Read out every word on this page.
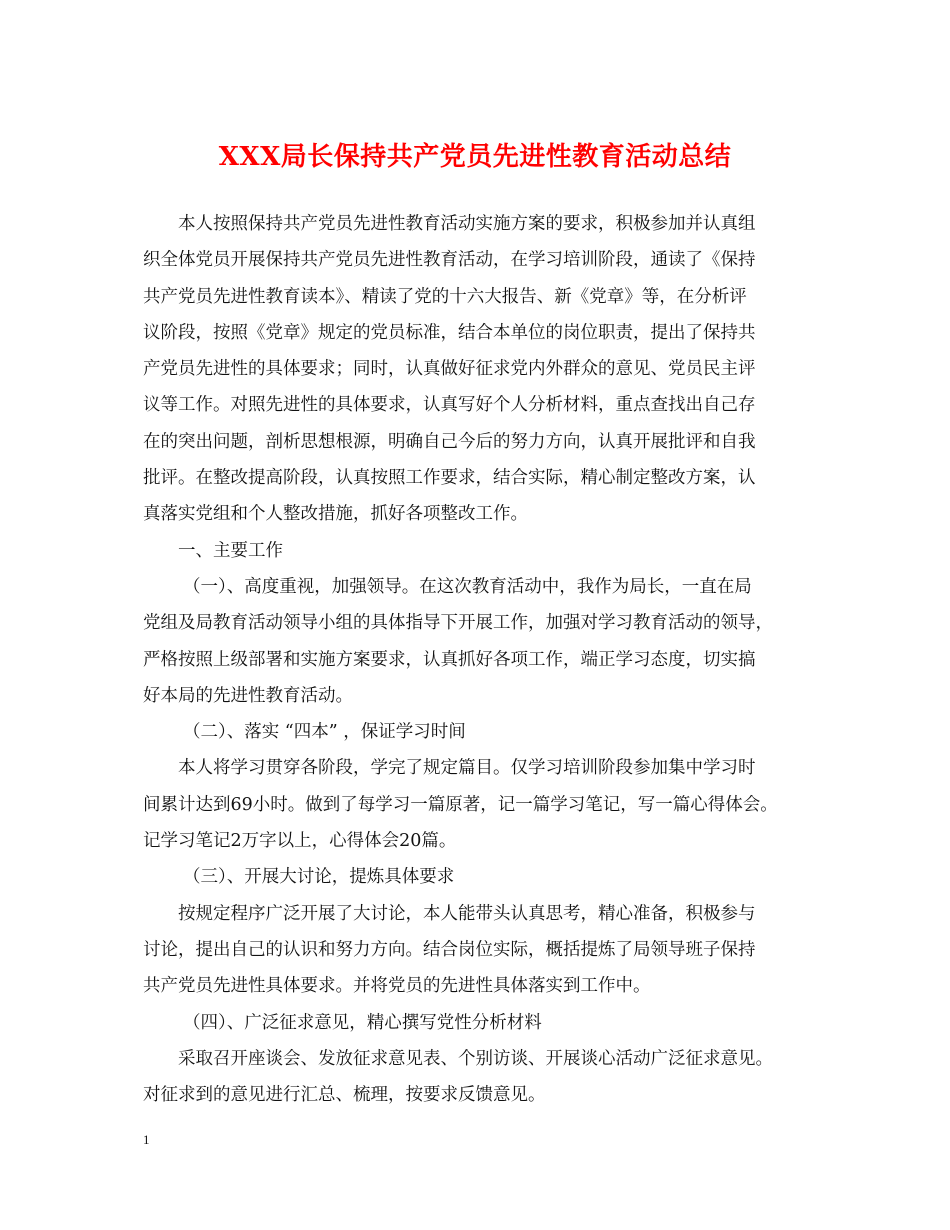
XXX局长保持共产党员先进性教育活动总结
本人按照保持共产党员先进性教育活动实施方案的要求，积极参加并认真组
织全体党员开展保持共产党员先进性教育活动，在学习培训阶段，通读了《保持
共产党员先进性教育读本》、精读了党的十六大报告、新《党章》等，在分析评
议阶段，按照《党章》规定的党员标准，结合本单位的岗位职责，提出了保持共
产党员先进性的具体要求；同时，认真做好征求党内外群众的意见、党员民主评
议等工作。对照先进性的具体要求，认真写好个人分析材料，重点查找出自己存
在的突出问题，剖析思想根源，明确自己今后的努力方向，认真开展批评和自我
批评。在整改提高阶段，认真按照工作要求，结合实际，精心制定整改方案，认
真落实党组和个人整改措施，抓好各项整改工作。
一、主要工作
（一）、高度重视，加强领导。在这次教育活动中，我作为局长，一直在局
党组及局教育活动领导小组的具体指导下开展工作，加强对学习教育活动的领导，
严格按照上级部署和实施方案要求，认真抓好各项工作，端正学习态度，切实搞
好本局的先进性教育活动。
（二）、落实 “四本” ，保证学习时间
本人将学习贯穿各阶段，学完了规定篇目。仅学习培训阶段参加集中学习时
间累计达到69小时。做到了每学习一篇原著，记一篇学习笔记，写一篇心得体会。
记学习笔记2万字以上，心得体会20篇。
（三）、开展大讨论，提炼具体要求
按规定程序广泛开展了大讨论，本人能带头认真思考，精心准备，积极参与
讨论，提出自己的认识和努力方向。结合岗位实际，概括提炼了局领导班子保持
共产党员先进性具体要求。并将党员的先进性具体落实到工作中。
（四）、广泛征求意见，精心撰写党性分析材料
采取召开座谈会、发放征求意见表、个别访谈、开展谈心活动广泛征求意见。
对征求到的意见进行汇总、梳理，按要求反馈意见。
1
